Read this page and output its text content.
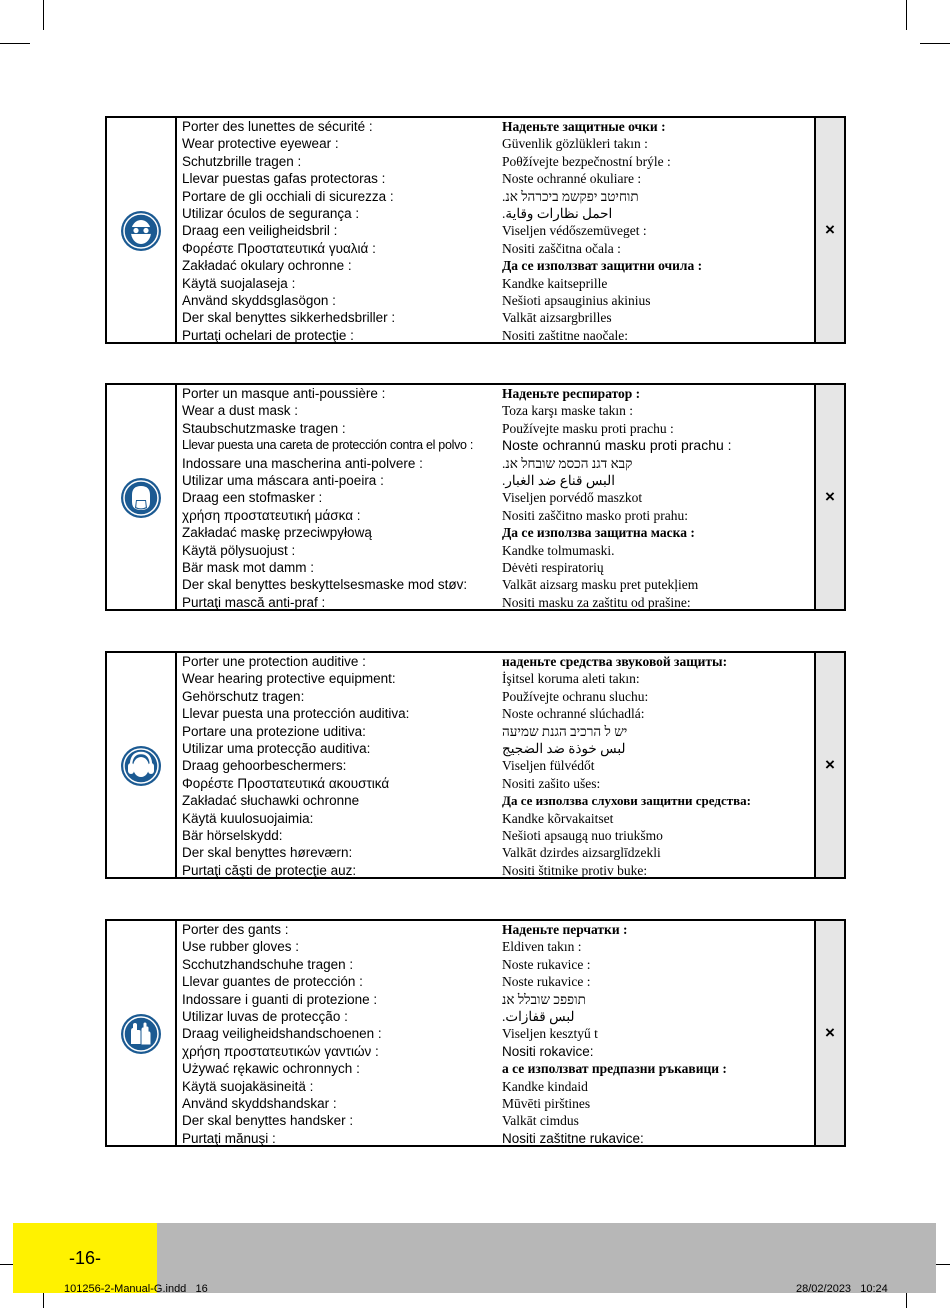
Porter des lunettes de sécurité :
Wear protective eyewear :
Schutzbrille tragen :
Llevar puestas gafas protectoras :
Portare de gli occhiali di sicurezza :
Utilizar óculos de segurança :
Draag een veiligheidsbril :
Φορέστε Προστατευτικά γυαλιά :
Zakładać okulary ochronne :
Käytä suojalaseja :
Använd skyddsglasögon :
Der skal benyttes sikkerhedsbriller :
Purtaţi ochelari de protecţie :
Наденьте защитные очки :
Güvenlik gözlükleri takın :
Poθžívejte bezpečnostní brýle :
Noste ochranné okuliare :
תוחיטב יפקשמ ביכרהל אנ.
احمل نظارات وقاية.
Viseljen védőszemüveget :
Nositi zaščitna očala :
Да се използват защитни очила :
Kandke kaitseprille
Nešioti apsauginius akinius
Valkāt aizsargbrilles
Nositi zaštitne naočale:
×
Porter un masque anti-poussière :
Wear a dust mask :
Staubschutzmaske tragen :
Llevar puesta una careta de protección contra el polvo :
Indossare una mascherina anti-polvere :
Utilizar uma máscara anti-poeira :
Draag een stofmasker :
χρήση προστατευτική μάσκα :
Zakładać maskę przeciwpyłową
Käytä pölysuojust :
Bär mask mot damm :
Der skal benyttes beskyttelsesmaske mod støv:
Purtaţi mască anti-praf :
Наденьте респиратор :
Toza karşı maske takın :
Používejte masku proti prachu :
Noste ochrannú masku proti prachu :
קבא דגנ הכסמ שובחל אנ.
البس قناع ضد الغبار.
Viseljen porvédő maszkot
Nositi zaščitno masko proti prahu:
Да се използва защитна маска :
Kandke tolmumaski.
Dėvėti respiratorių
Valkāt aizsarg masku pret putekļiem
Nositi masku za zaštitu od prašine:
×
Porter une protection auditive :
Wear hearing protective equipment:
Gehörschutz tragen:
Llevar puesta una protección auditiva:
Portare una protezione uditiva:
Utilizar uma protecção auditiva:
Draag gehoorbeschermers:
Φορέστε Προστατευτικά ακουστικά
Zakładać słuchawki ochronne
Käytä kuulosuojaimia:
Bär hörselskydd:
Der skal benyttes høreværn:
Purtaţi căşti de protecţie auz:
наденьте средства звуковой защиты:
İşitsel koruma aleti takın:
Používejte ochranu sluchu:
Noste ochranné slúchadlá:
יש ל הרכיב הגנת שמיעה
لبس خوذة ضد الضجيج
Viseljen fülvédőt
Nositi zašito ušes:
Да се използва слухови защитни средства:
Kandke kõrvakaitset
Nešioti apsaugą nuo triukšmo
Valkāt dzirdes aizsarglīdzekli
Nositi štitnike protiv buke:
×
Porter des gants :
Use rubber gloves :
Scchutzhandschuhe tragen :
Llevar guantes de protección :
Indossare i guanti di protezione :
Utilizar luvas de protecção :
Draag veiligheidshandschoenen :
χρήση προστατευτικών γαντιών :
Używać rękawic ochronnych :
Käytä suojakäsineitä :
Använd skyddshandskar :
Der skal benyttes handsker :
Purtaţi mănuşi :
Наденьте перчатки :
Eldiven takın :
Noste rukavice :
Noste rukavice :
תופפכ שובלל אנ
لبس قفازات.
Viseljen kesztyű t
Nositi rokavice:
а се използват предпазни ръкавици :
Kandke kindaid
Mūvēti pirštines
Valkāt cimdus
Nositi zaštitne rukavice:
×
-16-
101256-2-Manual-G.indd   16	28/02/2023   10:24
